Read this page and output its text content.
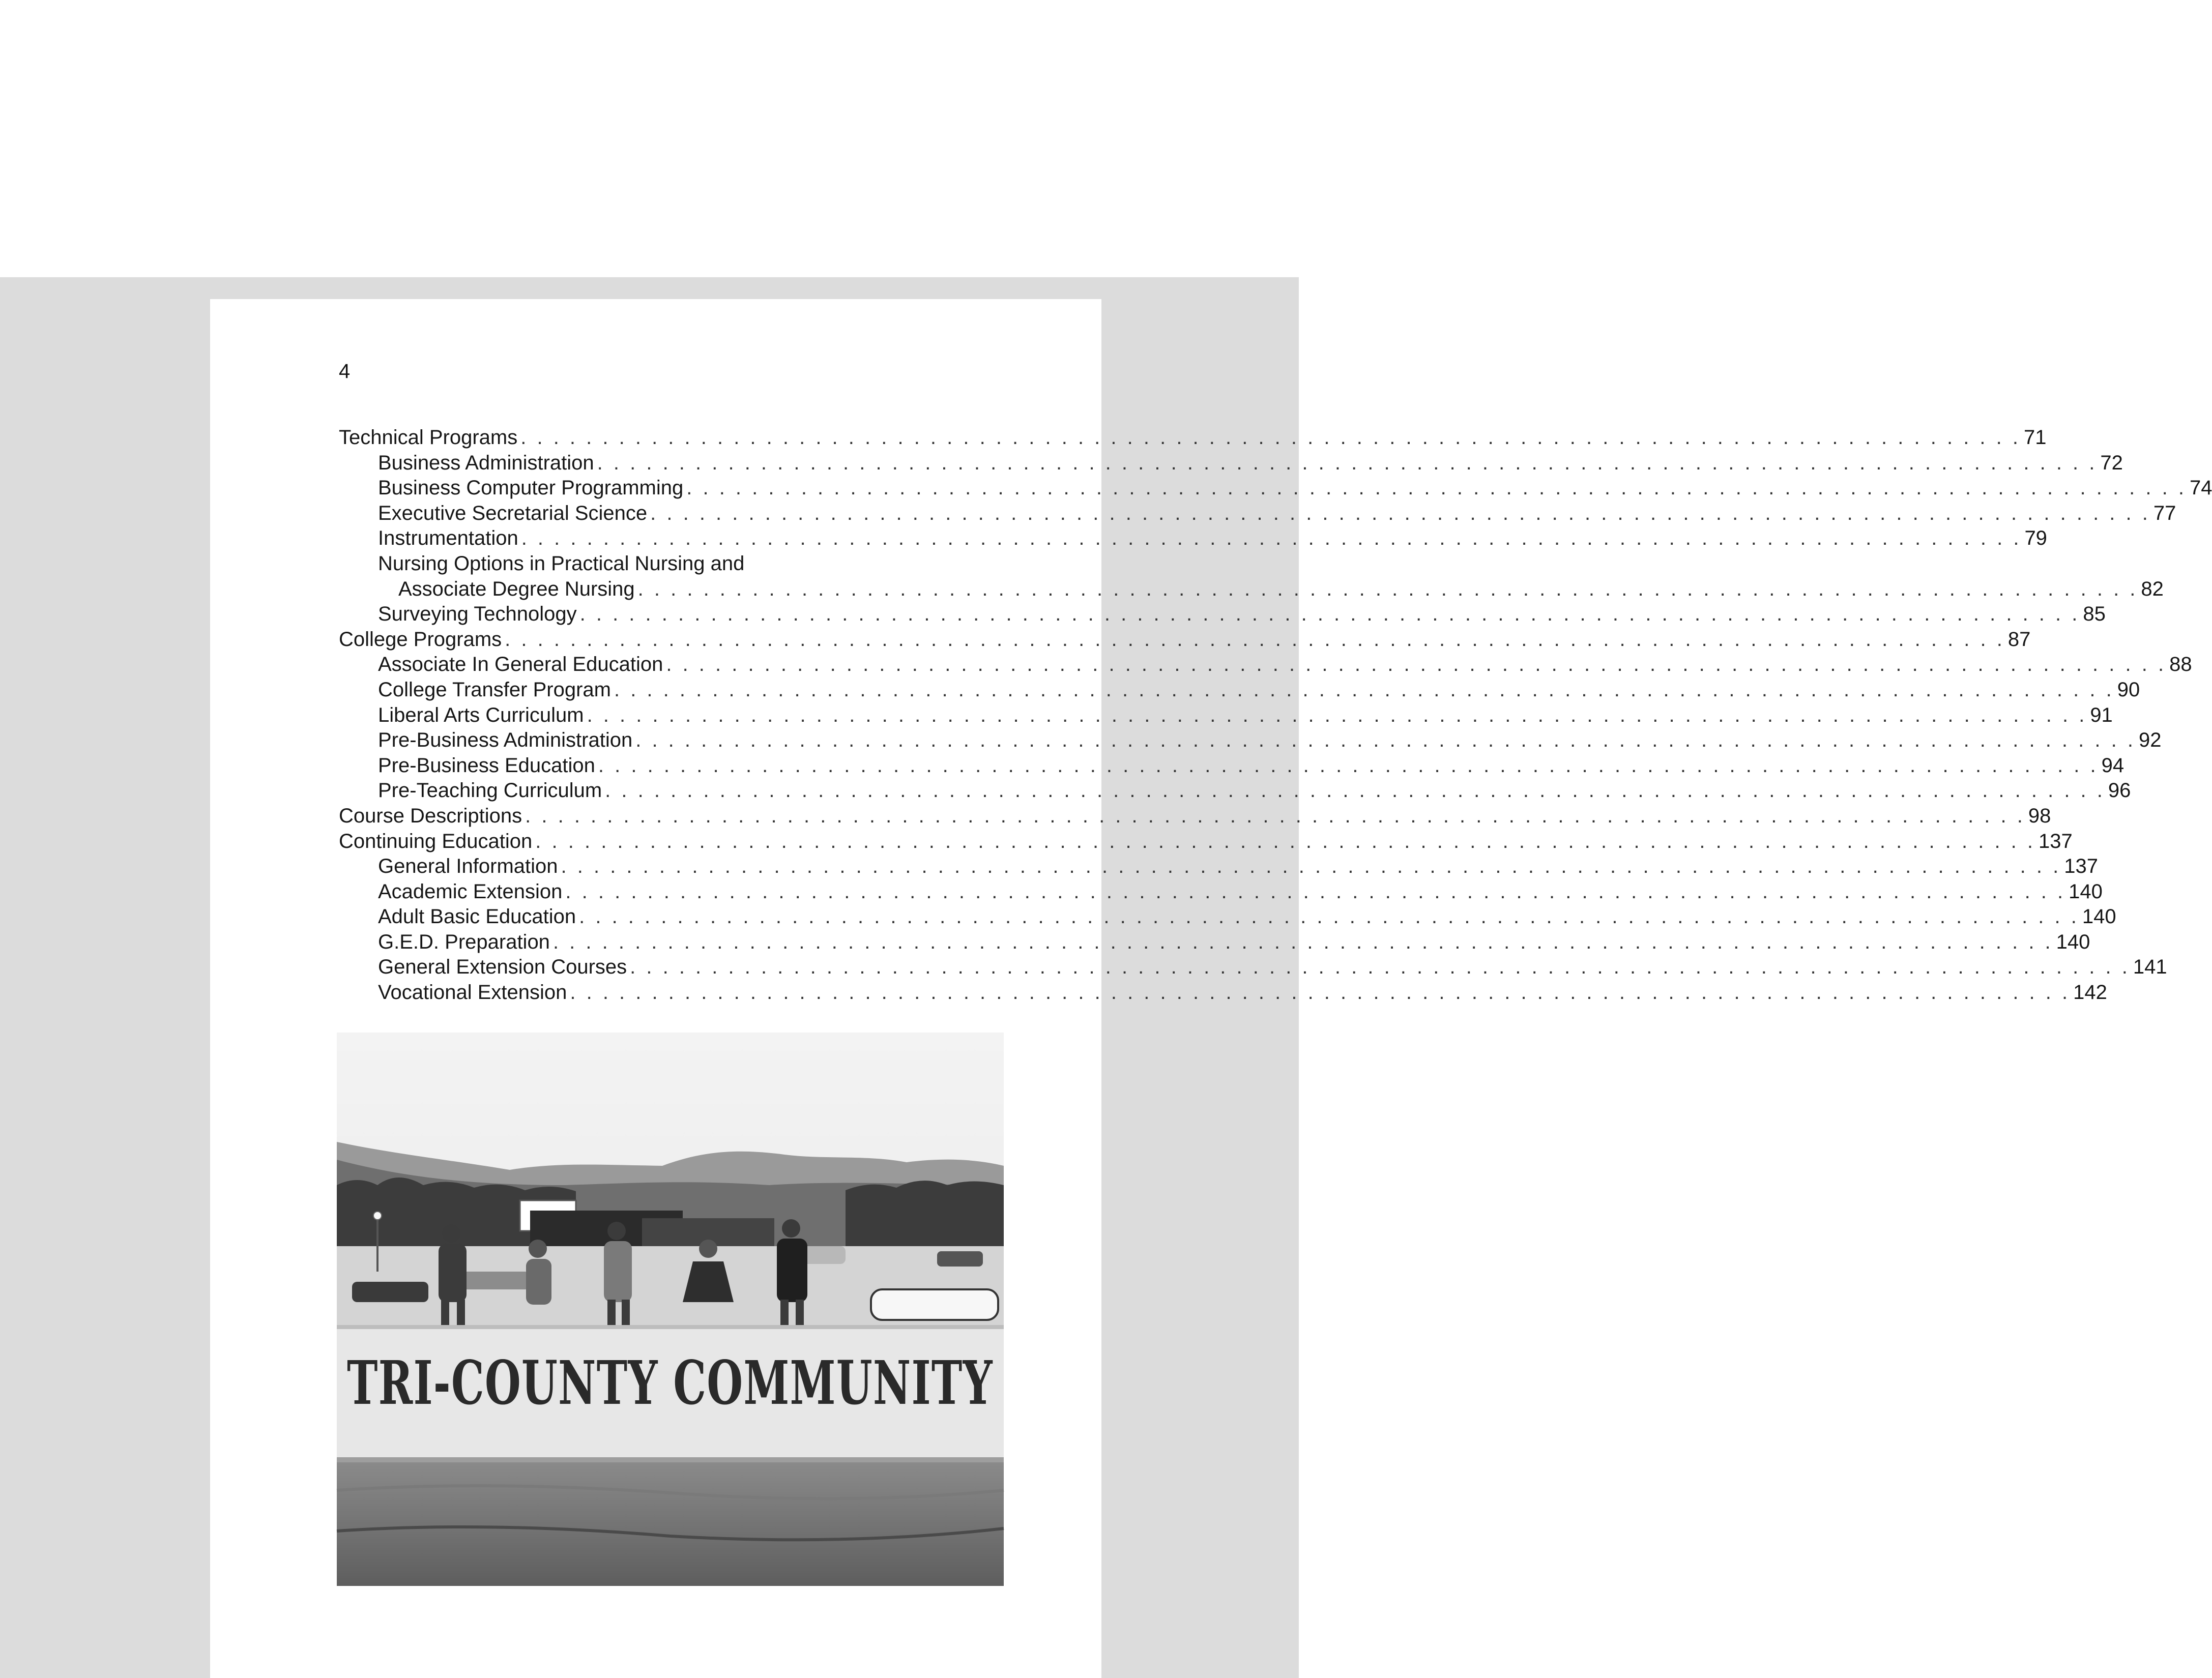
4
Technical Programs . . .	71
Business Administration . . .	72
Business Computer Programming . . .	74
Executive Secretarial Science . . .	77
Instrumentation . . .	79
Nursing Options in Practical Nursing and
Associate Degree Nursing . . .	82
Surveying Technology . . .	85
College Programs . . .	87
Associate In General Education . . .	88
College Transfer Program . . .	90
Liberal Arts Curriculum . . .	91
Pre-Business Administration . . .	92
Pre-Business Education . . .	94
Pre-Teaching Curriculum . . .	96
Course Descriptions . . .	98
Continuing Education . . .	137
General Information . . .	137
Academic Extension . . .	140
Adult Basic Education . . .	140
G.E.D. Preparation . . .	140
General Extension Courses . . .	141
Vocational Extension . . .	142
TRI-COUNTY COMMUNITY
